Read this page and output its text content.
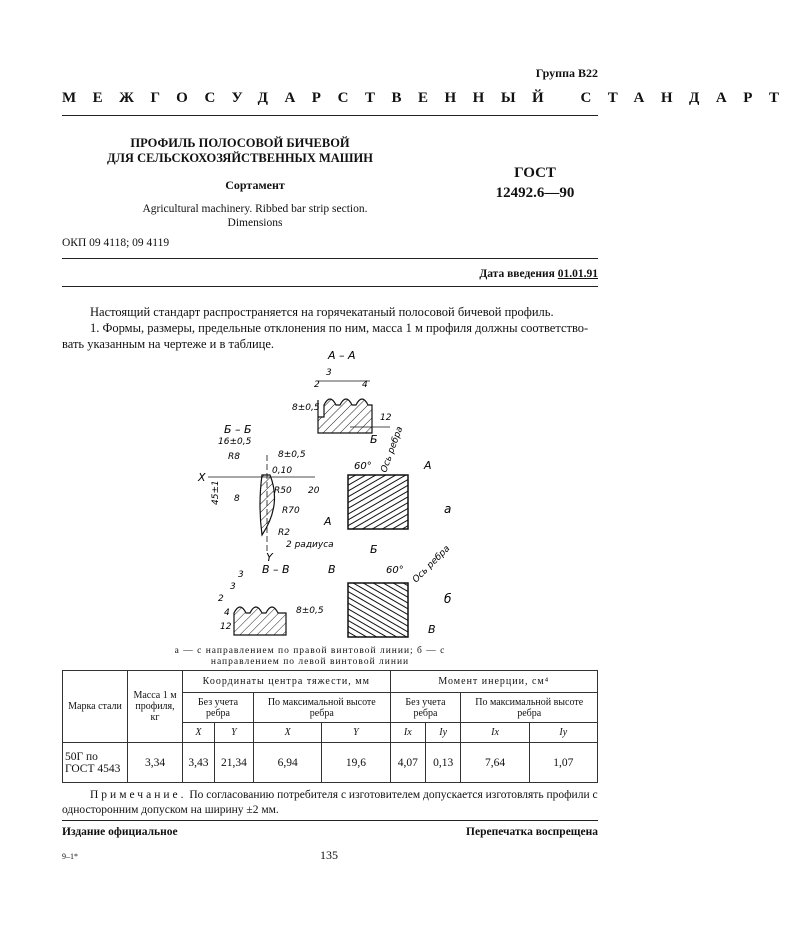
Группа В22
МЕЖГОСУДАРСТВЕННЫЙ СТАНДАРТ
ПРОФИЛЬ ПОЛОСОВОЙ БИЧЕВОЙ
ДЛЯ СЕЛЬСКОХОЗЯЙСТВЕННЫХ МАШИН
Сортамент
Agricultural machinery. Ribbed bar strip section.
Dimensions
ОКП 09 4118; 09 4119
ГОСТ
12492.6—90
Дата введения 01.01.91
Настоящий стандарт распространяется на горячекатаный полосовой бичевой профиль.
1. Формы, размеры, предельные отклонения по ним, масса 1 м профиля должны соответство-
вать указанным на чертеже и в таблице.
А – А
3
2	4
8±0,5
12
Б – Б
16±0,5
R8	8±0,5
0,10
X
R50 20
8
45±1
R70
R2
2 радиуса
Y
60° Ось ребра А
А
Б
Б
а
В – В
3
3
2
4
12
8±0,5
В	60° Ось ребра
В
б
а — с направлением по правой винтовой линии; б — с
направлением по левой винтовой линии
Марка стали	Масса 1 м профиля, кг	Координаты центра тяжести, мм				Момент инерции, см⁴			
		Без учета ребра		По максимальной высоте ребра		Без учета ребра		По максимальной высоте ребра	
		X	Y	X	Y	Ix	Iy	Ix	Iy
50Г по ГОСТ 4543	3,34	3,43	21,34	6,94	19,6	4,07	0,13	7,64	1,07
Примечание. По согласованию потребителя с изготовителем допускается изготовлять профили с односторонним допуском на ширину ±2 мм.
Издание официальное	Перепечатка воспрещена
9–1*	135
